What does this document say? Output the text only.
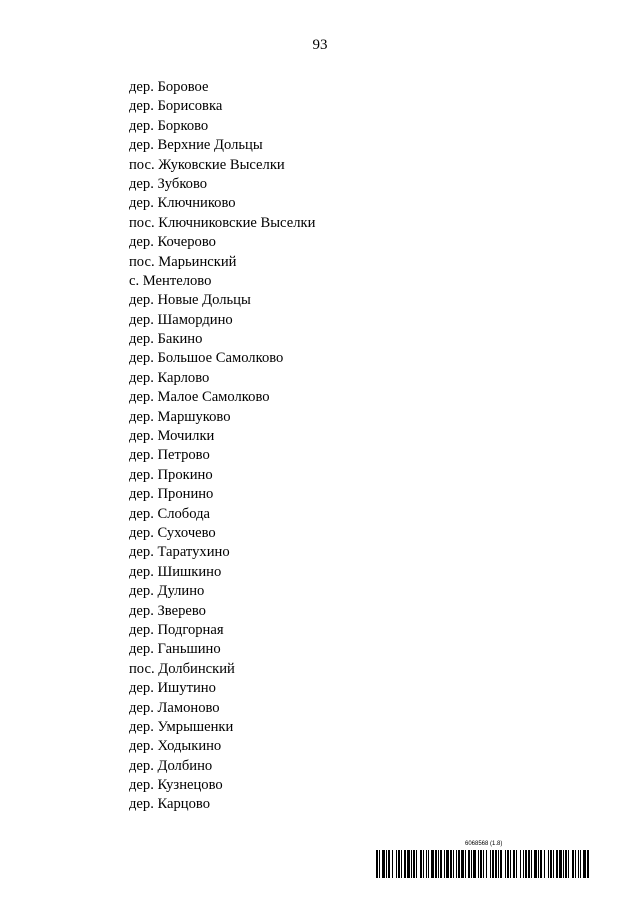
93
дер. Боровое
дер. Борисовка
дер. Борково
дер. Верхние Дольцы
пос. Жуковские Выселки
дер. Зубково
дер. Ключниково
пос. Ключниковские Выселки
дер. Кочерово
пос. Марьинский
с. Ментелово
дер. Новые Дольцы
дер. Шамордино
дер. Бакино
дер. Большое Самолково
дер. Карлово
дер. Малое Самолково
дер. Маршуково
дер. Мочилки
дер. Петрово
дер. Прокино
дер. Пронино
дер. Слобода
дер. Сухочево
дер. Таратухино
дер. Шишкино
дер. Дулино
дер. Зверево
дер. Подгорная
дер. Ганьшино
пос. Долбинский
дер. Ишутино
дер. Ламоново
дер. Умрышенки
дер. Ходыкино
дер. Долбино
дер. Кузнецово
дер. Карцово
6068568 (1.8)
